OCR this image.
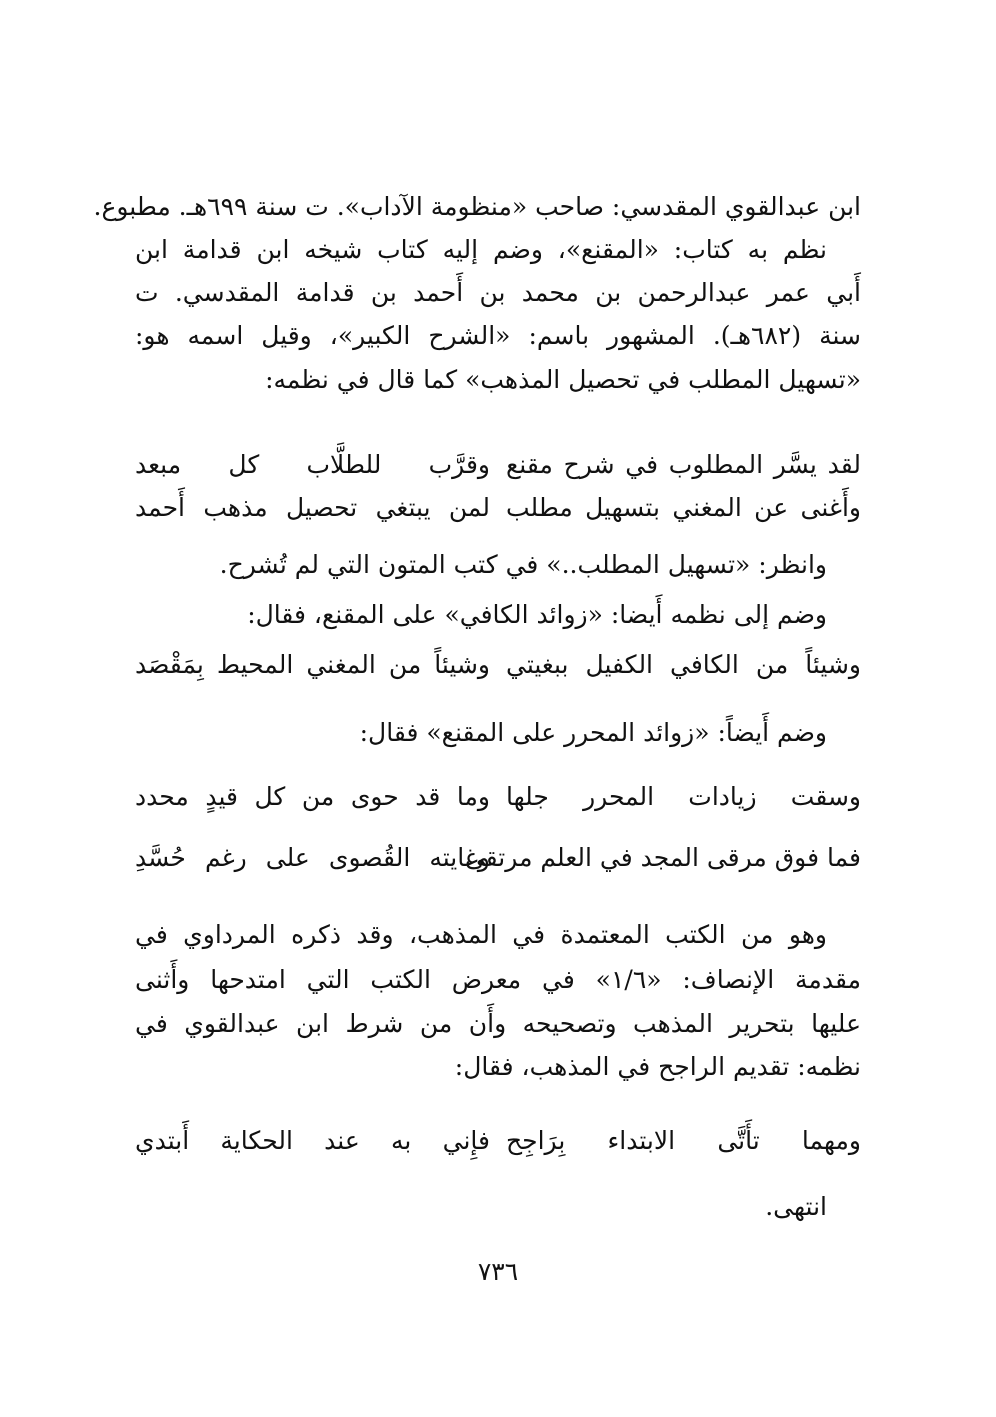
ابن عبدالقوي المقدسي: صاحب «منظومة الآداب». ت سنة ٦٩٩هـ. مطبوع.
نظم به كتاب: «المقنع»، وضم إليه كتاب شيخه ابن قدامة ابن
أَبي عمر عبدالرحمن بن محمد بن أَحمد بن قدامة المقدسي. ت
سنة (٦٨٢هـ). المشهور باسم: «الشرح الكبير»، وقيل اسمه هو:
«تسهيل المطلب في تحصيل المذهب» كما قال في نظمه:
لقد يسَّر المطلوب في شرح مقنع
وقرَّب للطلَّاب كل مبعد
وأَغنى عن المغني بتسهيل مطلب
لمن يبتغي تحصيل مذهب أَحمد
وانظر: «تسهيل المطلب..» في كتب المتون التي لم تُشرح.
وضم إلى نظمه أَيضا: «زوائد الكافي» على المقنع، فقال:
وشيئاً من الكافي الكفيل ببغيتي
وشيئاً من المغني المحيط بِمَقْصَد
وضم أَيضاً: «زوائد المحرر على المقنع» فقال:
وسقت زيادات المحرر جلها
وما قد حوى من كل قيدٍ محدد
فما فوق مرقى المجد في العلم مرتقى
وغايته القُصوى على رغم حُسَّدِ
وهو من الكتب المعتمدة في المذهب، وقد ذكره المرداوي في
مقدمة الإنصاف: «١/٦» في معرض الكتب التي امتدحها وأَثنى
عليها بتحرير المذهب وتصحيحه وأَن من شرط ابن عبدالقوي في
نظمه: تقديم الراجح في المذهب، فقال:
ومهما تأَتَّى الابتداء بِرَاجِح
فإِني به عند الحكاية أَبتدي
انتهى.
٧٣٦
